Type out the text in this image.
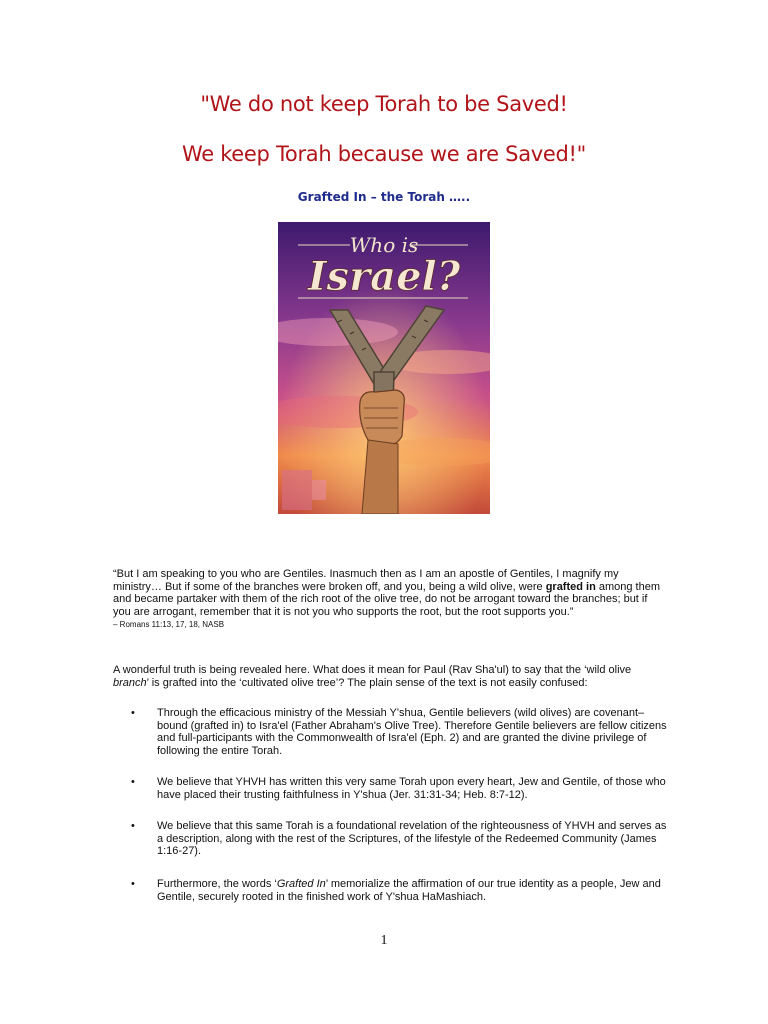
"We do not keep Torah to be Saved!
We keep Torah because we are Saved!"
Grafted In – the Torah …..
Who is
Israel?
“But I am speaking to you who are Gentiles. Inasmuch then as I am an apostle of Gentiles, I magnify my ministry… But if some of the branches were broken off, and you, being a wild olive, were grafted in among them and became partaker with them of the rich root of the olive tree, do not be arrogant toward the branches; but if you are arrogant, remember that it is not you who supports the root, but the root supports you.”
– Romans 11:13, 17, 18, NASB
A wonderful truth is being revealed here. What does it mean for Paul (Rav Sha'ul) to say that the ‘wild olive branch’ is grafted into the ‘cultivated olive tree’? The plain sense of the text is not easily confused:
• Through the efficacious ministry of the Messiah Y'shua, Gentile believers (wild olives) are covenant–bound (grafted in) to Isra'el (Father Abraham's Olive Tree). Therefore Gentile believers are fellow citizens and full-participants with the Commonwealth of Isra'el (Eph. 2) and are granted the divine privilege of following the entire Torah.
• We believe that YHVH has written this very same Torah upon every heart, Jew and Gentile, of those who have placed their trusting faithfulness in Y'shua (Jer. 31:31-34; Heb. 8:7-12).
• We believe that this same Torah is a foundational revelation of the righteousness of YHVH and serves as a description, along with the rest of the Scriptures, of the lifestyle of the Redeemed Community (James 1:16-27).
• Furthermore, the words ‘Grafted In’ memorialize the affirmation of our true identity as a people, Jew and Gentile, securely rooted in the finished work of Y'shua HaMashiach.
1
